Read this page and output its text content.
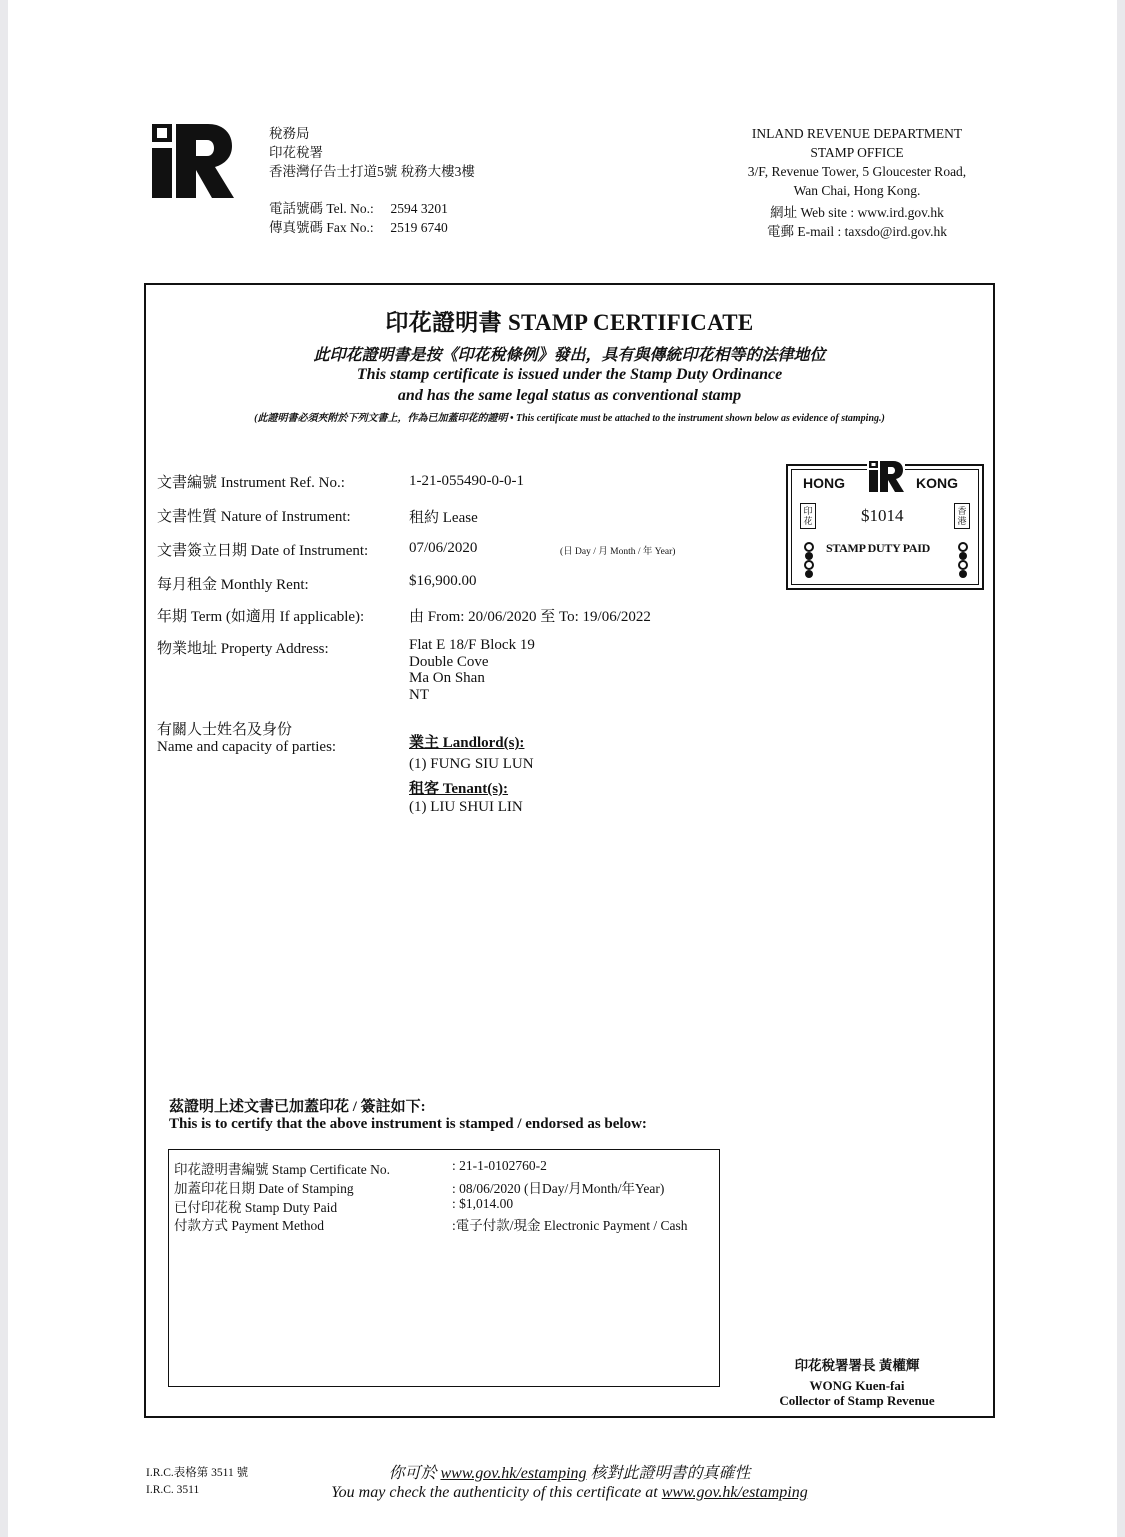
稅務局
印花稅署
香港灣仔告士打道5號 稅務大樓3樓
電話號碼 Tel. No.: 2594 3201
傳真號碼 Fax No.: 2519 6740
INLAND REVENUE DEPARTMENT
STAMP OFFICE
3/F, Revenue Tower, 5 Gloucester Road,
Wan Chai, Hong Kong.
網址 Web site : www.ird.gov.hk
電郵 E-mail : taxsdo@ird.gov.hk
印花證明書 STAMP CERTIFICATE
此印花證明書是按《印花稅條例》發出，具有與傳統印花相等的法律地位
This stamp certificate is issued under the Stamp Duty Ordinance
and has the same legal status as conventional stamp
(此證明書必須夾附於下列文書上，作為已加蓋印花的證明 • This certificate must be attached to the instrument shown below as evidence of stamping.)
文書編號 Instrument Ref. No.:	1-21-055490-0-0-1
文書性質 Nature of Instrument:	租約 Lease
文書簽立日期 Date of Instrument:	07/06/2020	(日 Day / 月 Month / 年 Year)
每月租金 Monthly Rent:	$16,900.00
年期 Term (如適用 If applicable):	由 From: 20/06/2020 至 To: 19/06/2022
物業地址 Property Address:	Flat E 18/F Block 19
Double Cove
Ma On Shan
NT
有關人士姓名及身份
Name and capacity of parties:	業主 Landlord(s):
(1) FUNG SIU LUN
租客 Tenant(s):
(1) LIU SHUI LIN
HONG	KONG
$1014
STAMP DUTY PAID
印花
香港
茲證明上述文書已加蓋印花 / 簽註如下:
This is to certify that the above instrument is stamped / endorsed as below:
印花證明書編號 Stamp Certificate No.	: 21-1-0102760-2
加蓋印花日期 Date of Stamping	: 08/06/2020 (日Day/月Month/年Year)
已付印花稅 Stamp Duty Paid	: $1,014.00
付款方式 Payment Method	:電子付款/現金 Electronic Payment / Cash
印花稅署署長 黃權輝
WONG Kuen-fai
Collector of Stamp Revenue
I.R.C.表格第 3511 號
I.R.C. 3511
你可於 www.gov.hk/estamping 核對此證明書的真確性
You may check the authenticity of this certificate at www.gov.hk/estamping
